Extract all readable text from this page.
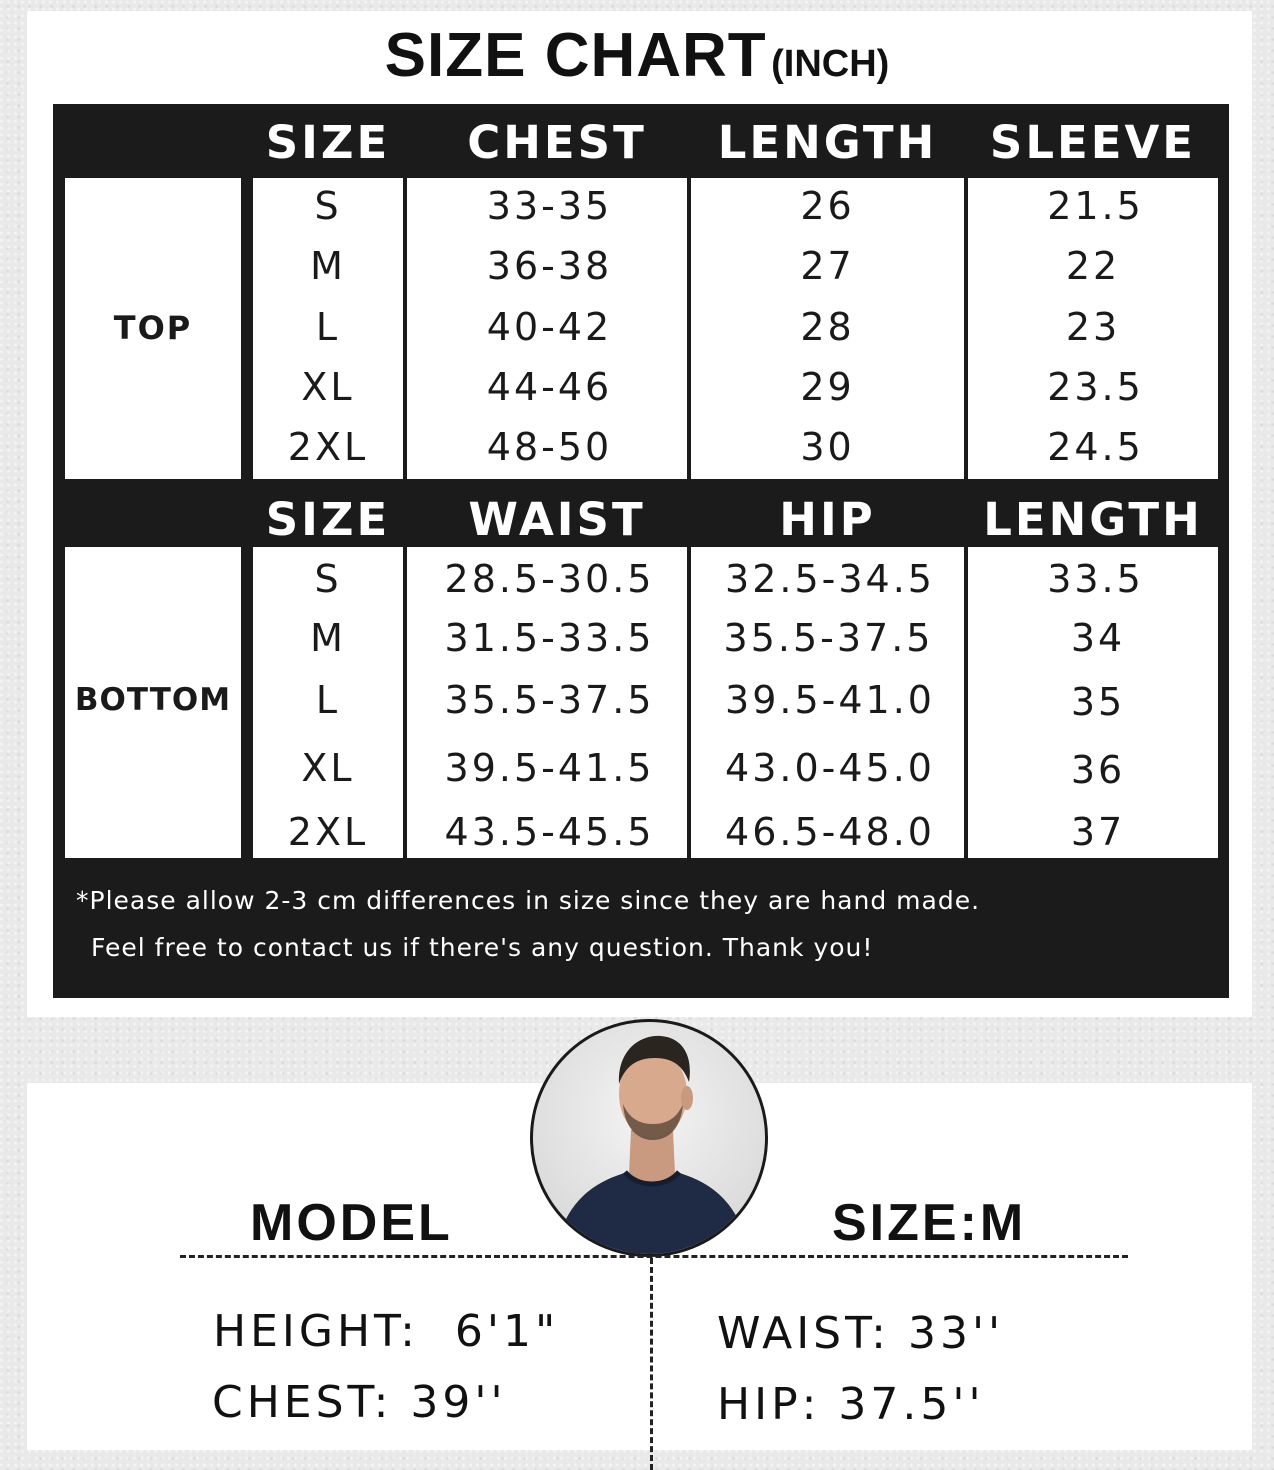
SIZE CHART (INCH)
SIZE	CHEST	LENGTH	SLEEVE
TOP
S	33-35	26	21.5
M	36-38	27	22
L	40-42	28	23
XL	44-46	29	23.5
2XL	48-50	30	24.5
SIZE	WAIST	HIP	LENGTH
BOTTOM
S	28.5-30.5	32.5-34.5	33.5
M	31.5-33.5	35.5-37.5	34
L	35.5-37.5	39.5-41.0	35
XL	39.5-41.5	43.0-45.0	36
2XL	43.5-45.5	46.5-48.0	37
*Please allow 2-3 cm differences in size since they are hand made.
Feel free to contact us if there's any question. Thank you!
MODEL	SIZE:M
HEIGHT:  6'1"
CHEST: 39''
WAIST: 33''
HIP: 37.5''
